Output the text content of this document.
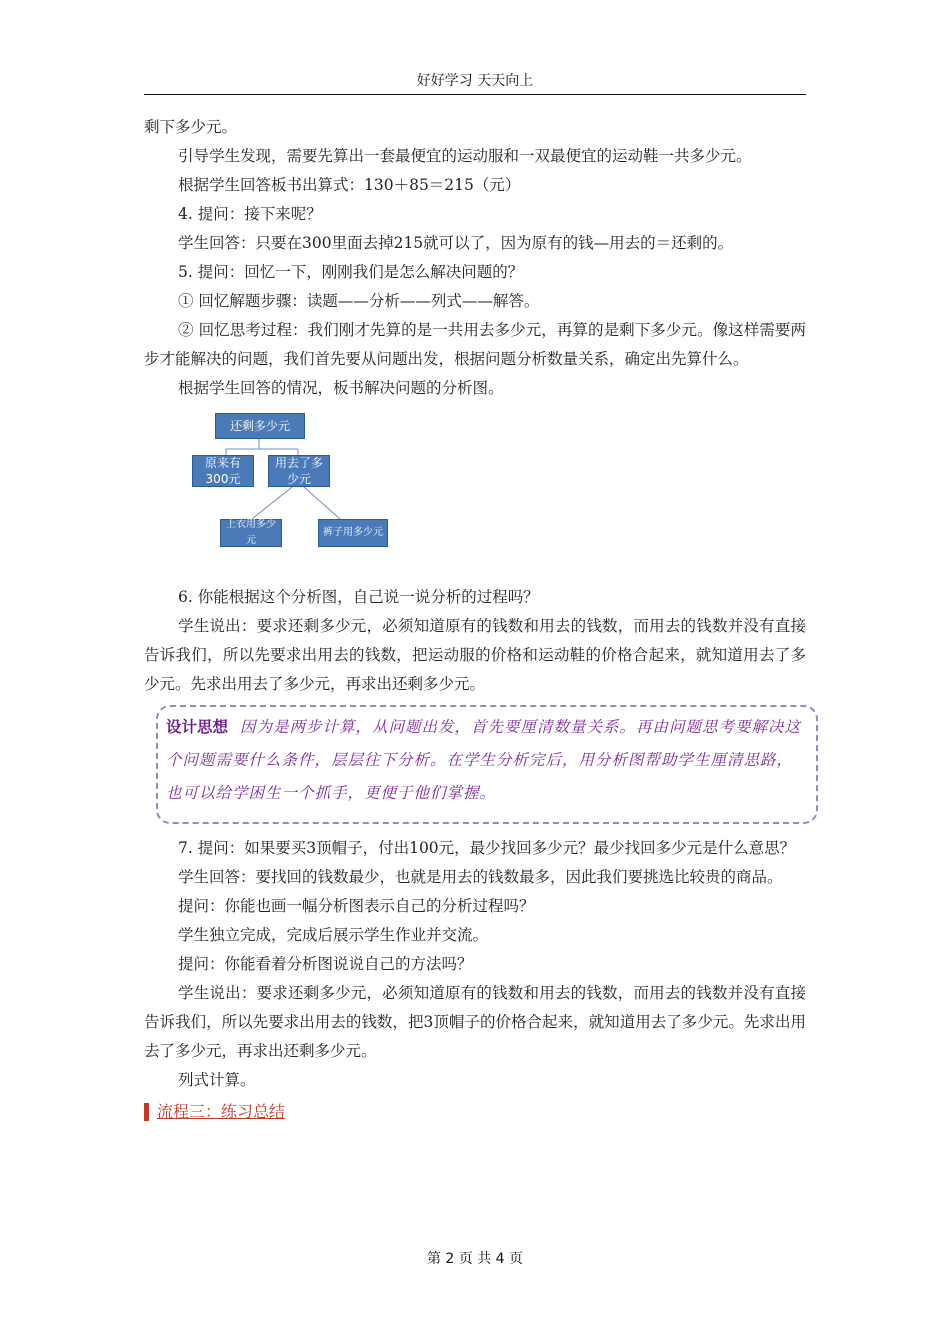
好好学习 天天向上

剩下多少元。

引导学生发现，需要先算出一套最便宜的运动服和一双最便宜的运动鞋一共多少元。

根据学生回答板书出算式：130＋85＝215（元）

4. 提问：接下来呢？

学生回答：只要在300里面去掉215就可以了，因为原有的钱—用去的＝还剩的。

5. 提问：回忆一下，刚刚我们是怎么解决问题的？

① 回忆解题步骤：读题——分析——列式——解答。

② 回忆思考过程：我们刚才先算的是一共用去多少元，再算的是剩下多少元。像这样需要两步才能解决的问题，我们首先要从问题出发，根据问题分析数量关系，确定出先算什么。

根据学生回答的情况，板书解决问题的分析图。

还剩多少元
原来有300元
用去了多少元
上衣用多少元
裤子用多少元

6. 你能根据这个分析图，自己说一说分析的过程吗？

学生说出：要求还剩多少元，必须知道原有的钱数和用去的钱数，而用去的钱数并没有直接告诉我们，所以先要求出用去的钱数，把运动服的价格和运动鞋的价格合起来，就知道用去了多少元。先求出用去了多少元，再求出还剩多少元。

设计思想 因为是两步计算，从问题出发，首先要厘清数量关系。再由问题思考要解决这个问题需要什么条件，层层往下分析。在学生分析完后，用分析图帮助学生厘清思路，也可以给学困生一个抓手，更便于他们掌握。

7. 提问：如果要买3顶帽子，付出100元，最少找回多少元？最少找回多少元是什么意思？

学生回答：要找回的钱数最少，也就是用去的钱数最多，因此我们要挑选比较贵的商品。

提问：你能也画一幅分析图表示自己的分析过程吗？

学生独立完成，完成后展示学生作业并交流。

提问：你能看着分析图说说自己的方法吗？

学生说出：要求还剩多少元，必须知道原有的钱数和用去的钱数，而用去的钱数并没有直接告诉我们，所以先要求出用去的钱数，把3顶帽子的价格合起来，就知道用去了多少元。先求出用去了多少元，再求出还剩多少元。

列式计算。

流程三：练习总结
第 2 页 共 4 页
